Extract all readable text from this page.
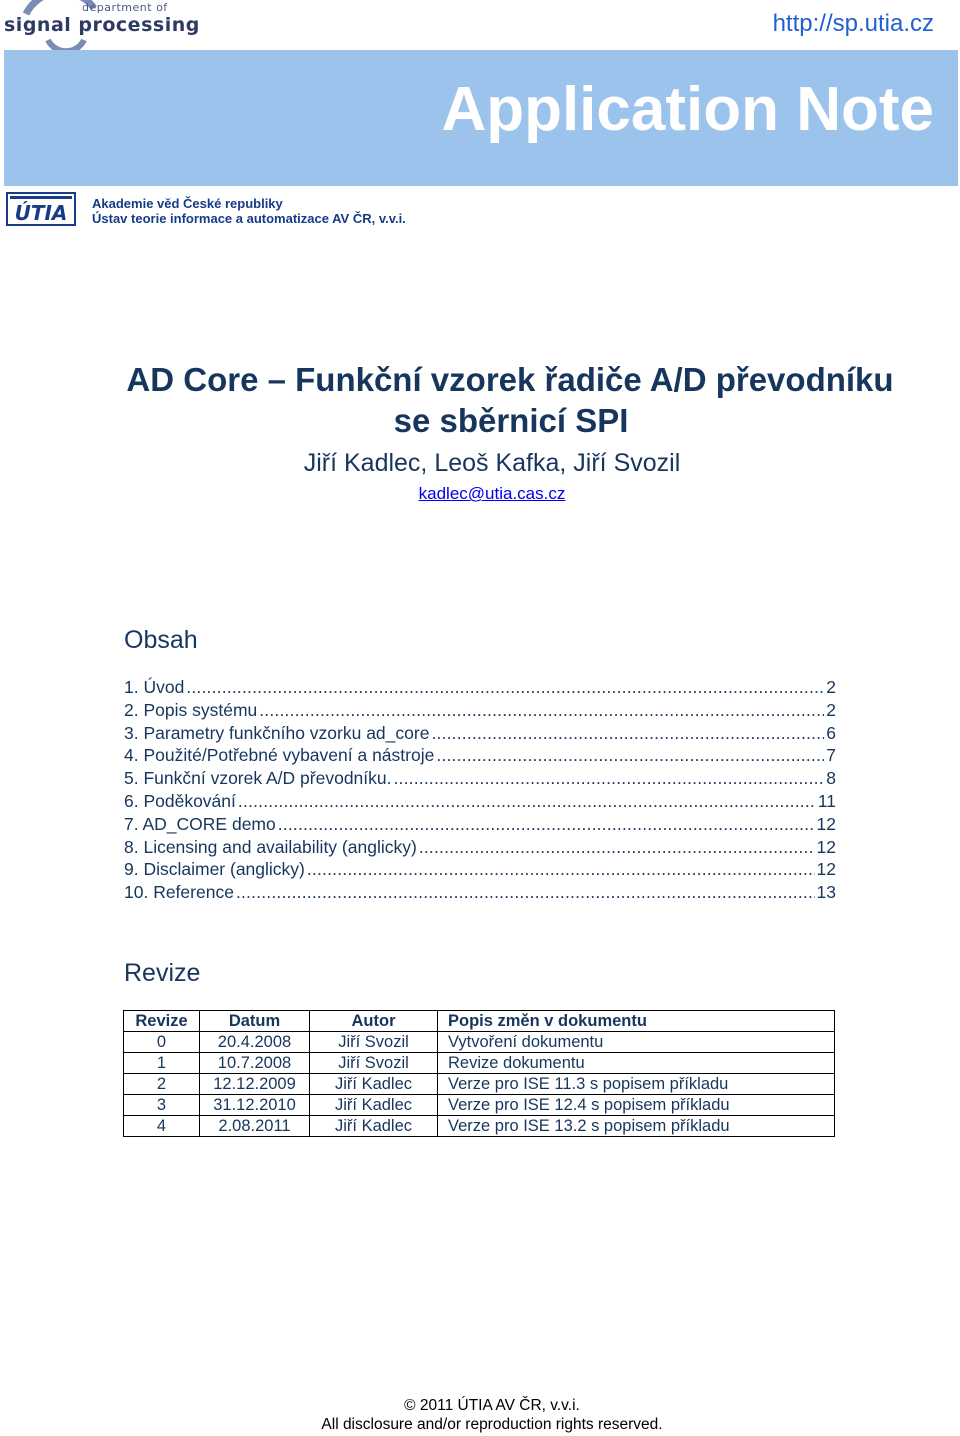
department of
signal processing	http://sp.utia.cz
Application Note
ÚTIA Akademie věd České republiky
Ústav teorie informace a automatizace AV ČR, v.v.i.
AD Core – Funkční vzorek řadiče A/D převodníku
se sběrnicí SPI
Jiří Kadlec, Leoš Kafka, Jiří Svozil
kadlec@utia.cas.cz
Obsah
1. Úvod .....	2
2. Popis systému .....	2
3. Parametry funkčního vzorku ad_core .....	6
4. Použité/Potřebné vybavení a nástroje .....	7
5. Funkční vzorek A/D převodníku. .....	8
6. Poděkování .....	11
7. AD_CORE demo .....	12
8. Licensing and availability (anglicky) .....	12
9. Disclaimer (anglicky) .....	12
10. Reference .....	13
Revize
Revize	Datum	Autor	Popis změn v dokumentu
0	20.4.2008	Jiří Svozil	Vytvoření dokumentu
1	10.7.2008	Jiří Svozil	Revize dokumentu
2	12.12.2009	Jiří Kadlec	Verze pro ISE 11.3 s popisem příkladu
3	31.12.2010	Jiří Kadlec	Verze pro ISE 12.4 s popisem příkladu
4	2.08.2011	Jiří Kadlec	Verze pro ISE 13.2 s popisem příkladu
© 2011 ÚTIA AV ČR, v.v.i.
All disclosure and/or reproduction rights reserved.
